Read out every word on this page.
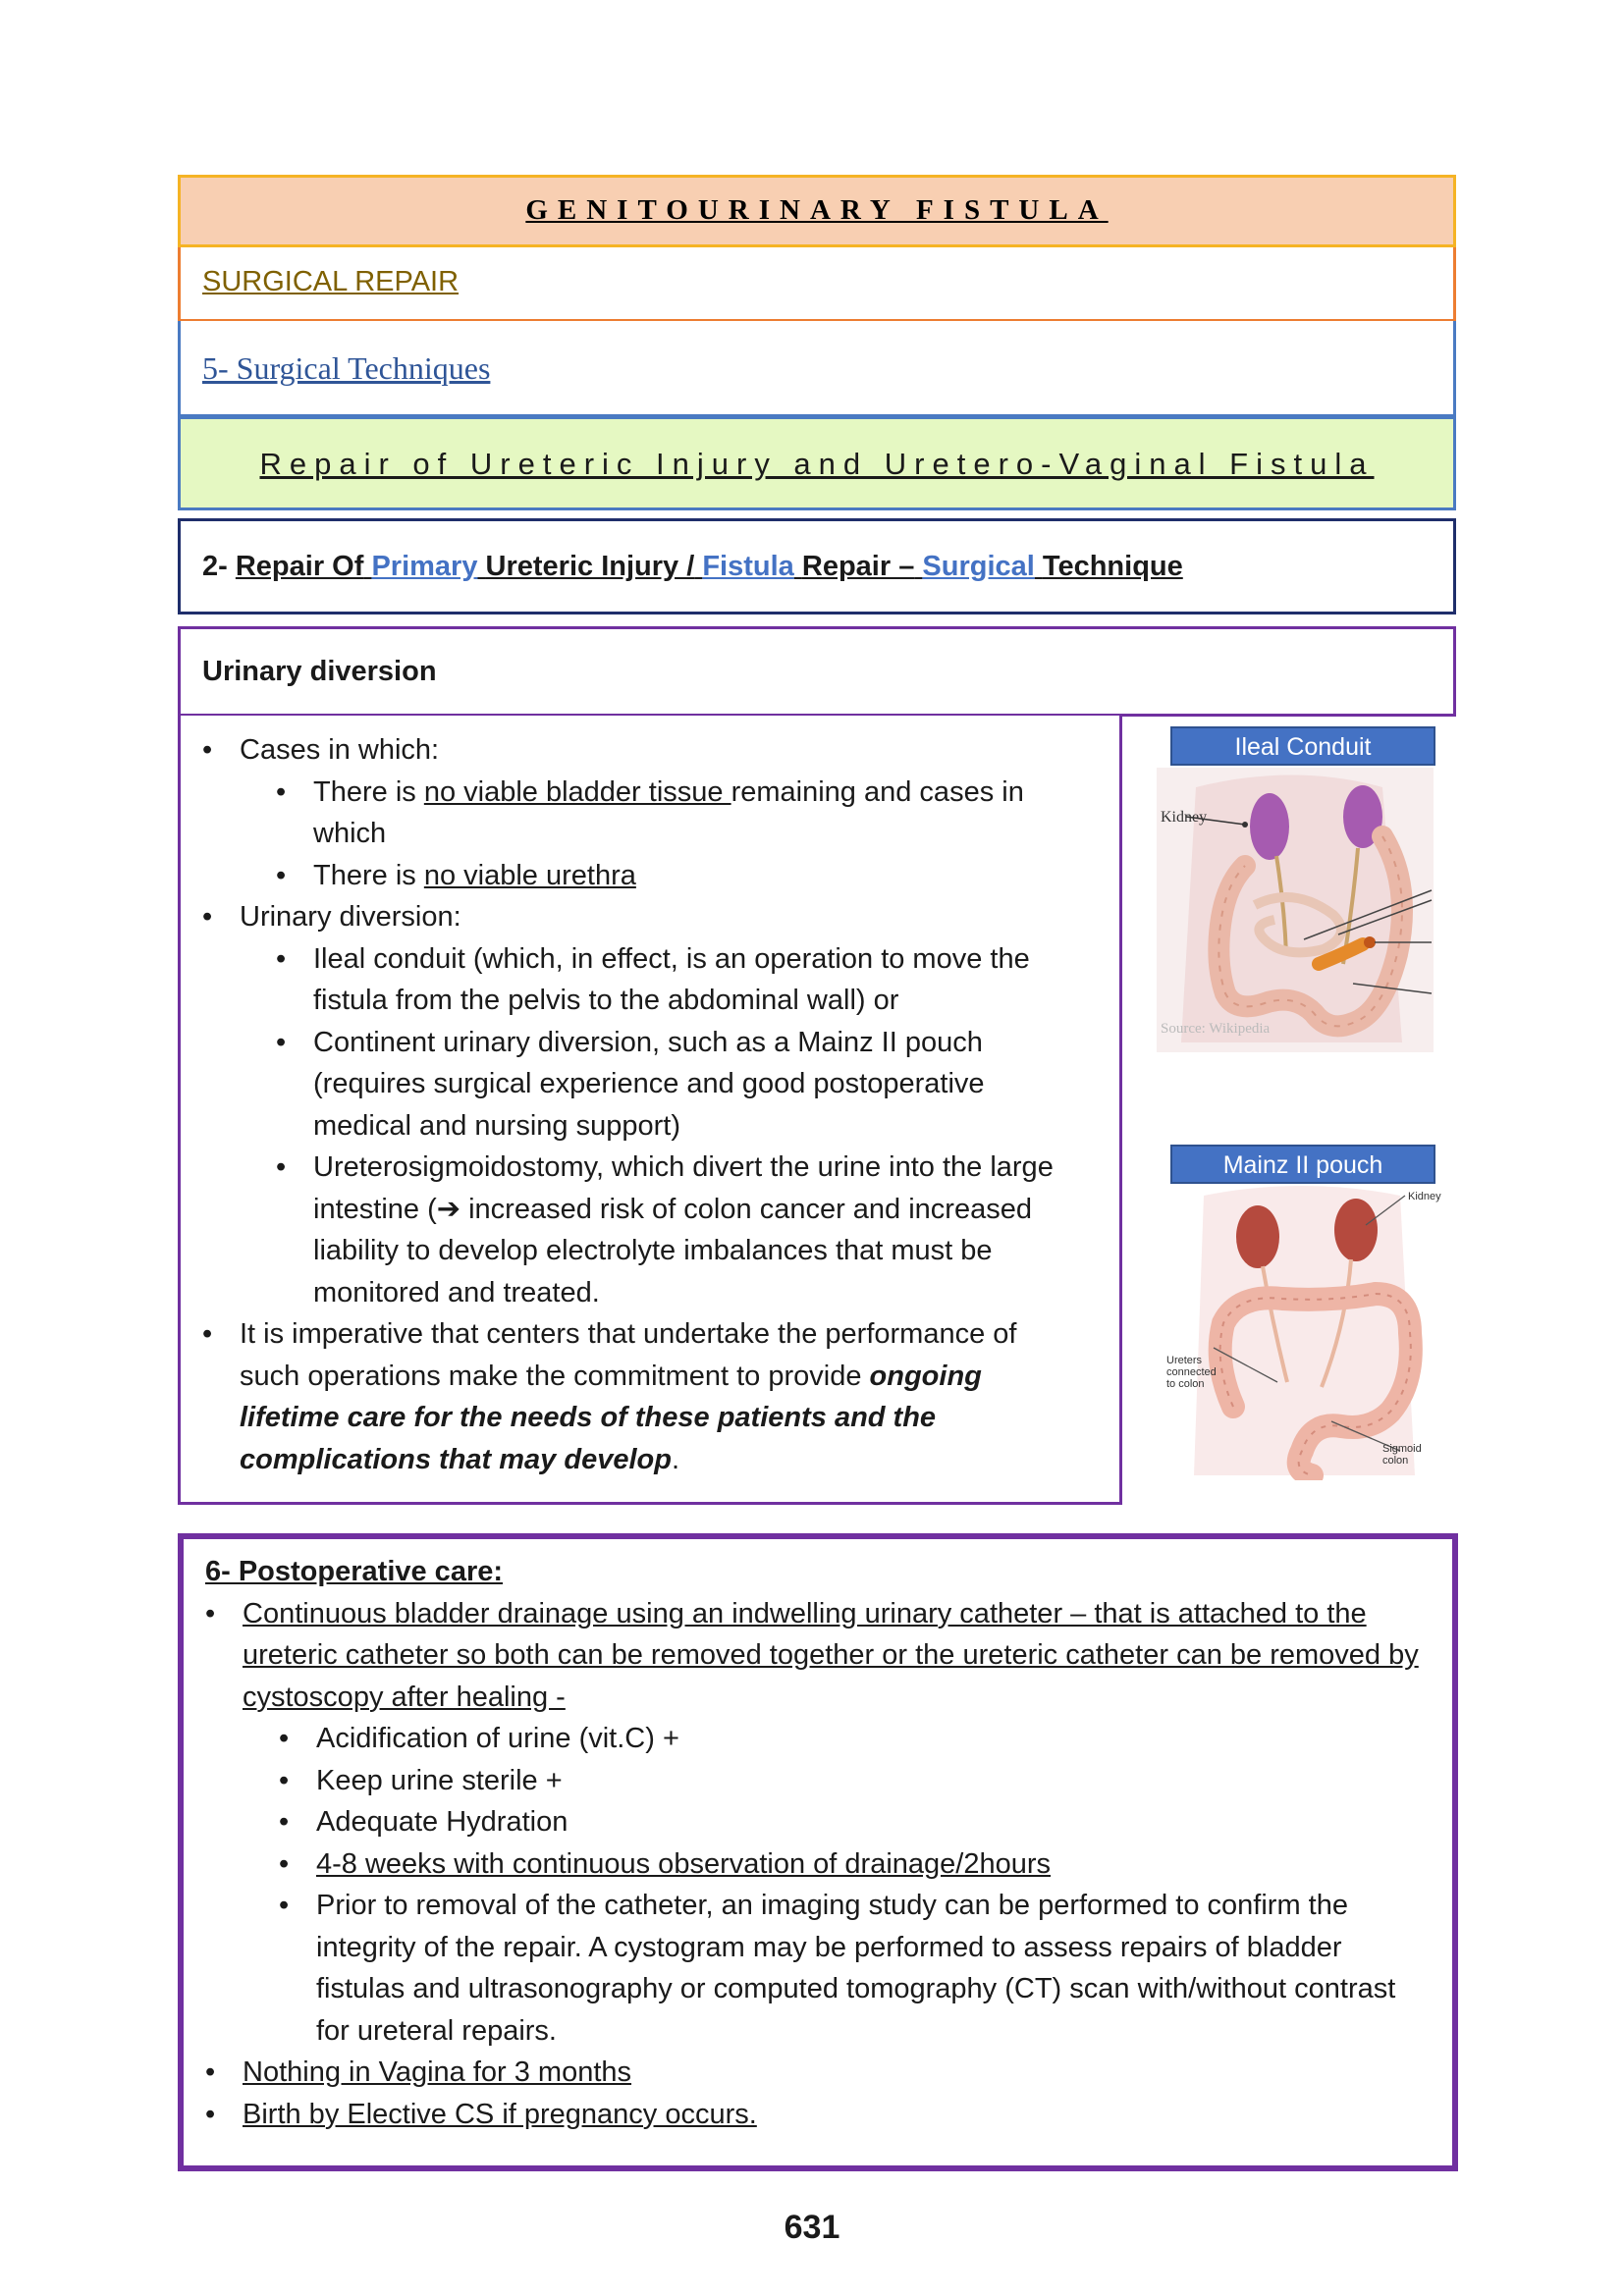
GENITOURINARY FISTULA
SURGICAL REPAIR
5- Surgical Techniques
Repair of Ureteric Injury and Uretero-Vaginal Fistula
2- Repair Of Primary Ureteric Injury / Fistula Repair – Surgical Technique
Urinary diversion
• Cases in which:
• There is no viable bladder tissue remaining and cases in which
• There is no viable urethra
• Urinary diversion:
• Ileal conduit (which, in effect, is an operation to move the fistula from the pelvis to the abdominal wall) or
• Continent urinary diversion, such as a Mainz II pouch (requires surgical experience and good postoperative medical and nursing support)
• Ureterosigmoidostomy, which divert the urine into the large intestine (➔ increased risk of colon cancer and increased liability to develop electrolyte imbalances that must be monitored and treated.
• It is imperative that centers that undertake the performance of such operations make the commitment to provide ongoing lifetime care for the needs of these patients and the complications that may develop.
Ileal Conduit
Kidney
Source: Wikipedia
Mainz II pouch
Kidney
Ureters connected to colon
Sigmoid colon
6- Postoperative care:
• Continuous bladder drainage using an indwelling urinary catheter – that is attached to the ureteric catheter so both can be removed together or the ureteric catheter can be removed by cystoscopy after healing -
• Acidification of urine (vit.C) +
• Keep urine sterile +
• Adequate Hydration
• 4-8 weeks with continuous observation of drainage/2hours
• Prior to removal of the catheter, an imaging study can be performed to confirm the integrity of the repair. A cystogram may be performed to assess repairs of bladder fistulas and ultrasonography or computed tomography (CT) scan with/without contrast for ureteral repairs.
• Nothing in Vagina for 3 months
• Birth by Elective CS if pregnancy occurs.
631
